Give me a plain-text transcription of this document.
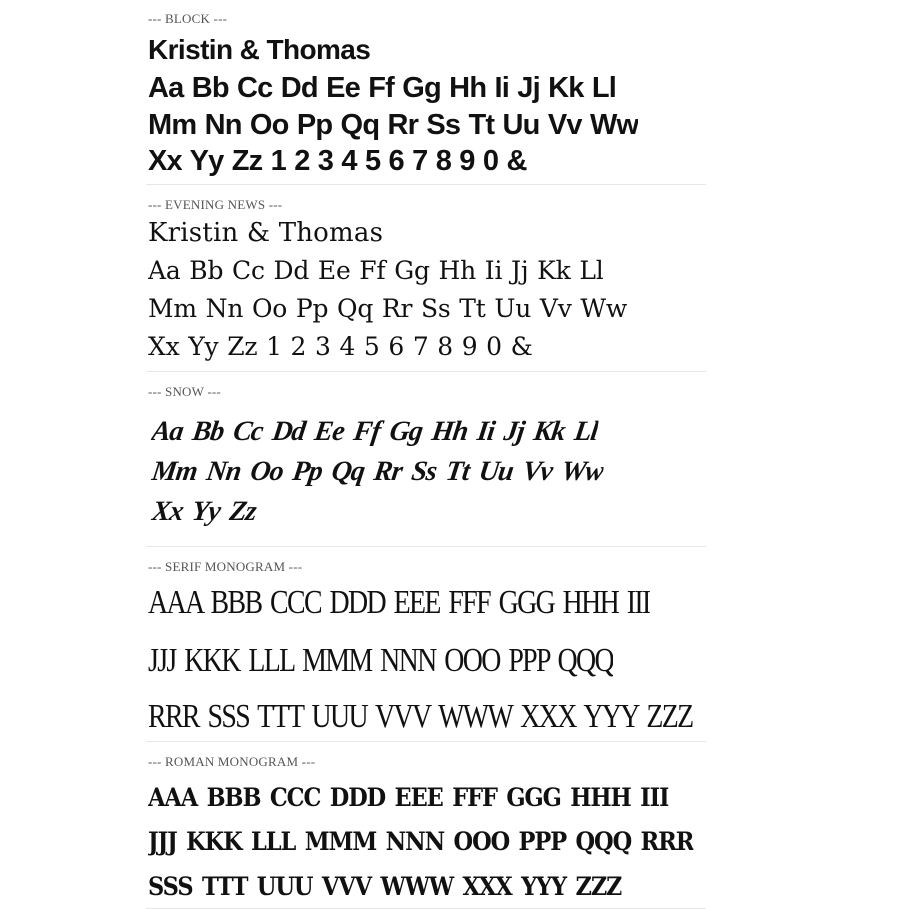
--- BLOCK ---
Kristin & Thomas
Aa Bb Cc Dd Ee Ff Gg Hh Ii Jj Kk Ll
Mm Nn Oo Pp Qq Rr Ss Tt Uu Vv Ww
Xx Yy Zz 1 2 3 4 5 6 7 8 9 0 &
--- EVENING NEWS ---
Kristin & Thomas
Aa Bb Cc Dd Ee Ff Gg Hh Ii Jj Kk Ll
Mm Nn Oo Pp Qq Rr Ss Tt Uu Vv Ww
Xx Yy Zz 1 2 3 4 5 6 7 8 9 0 &
--- SNOW ---
Aa Bb Cc Dd Ee Ff Gg Hh Ii Jj Kk Ll
Mm Nn Oo Pp Qq Rr Ss Tt Uu Vv Ww
Xx Yy Zz
--- SERIF MONOGRAM ---
AAA BBB CCC DDD EEE FFF GGG HHH III
JJJ KKK LLL MMM NNN OOO PPP QQQ
RRR SSS TTT UUU VVV WWW XXX YYY ZZZ
--- ROMAN MONOGRAM ---
AAA BBB CCC DDD EEE FFF GGG HHH III
JJJ KKK LLL MMM NNN OOO PPP QQQ RRR
SSS TTT UUU VVV WWW XXX YYY ZZZ
